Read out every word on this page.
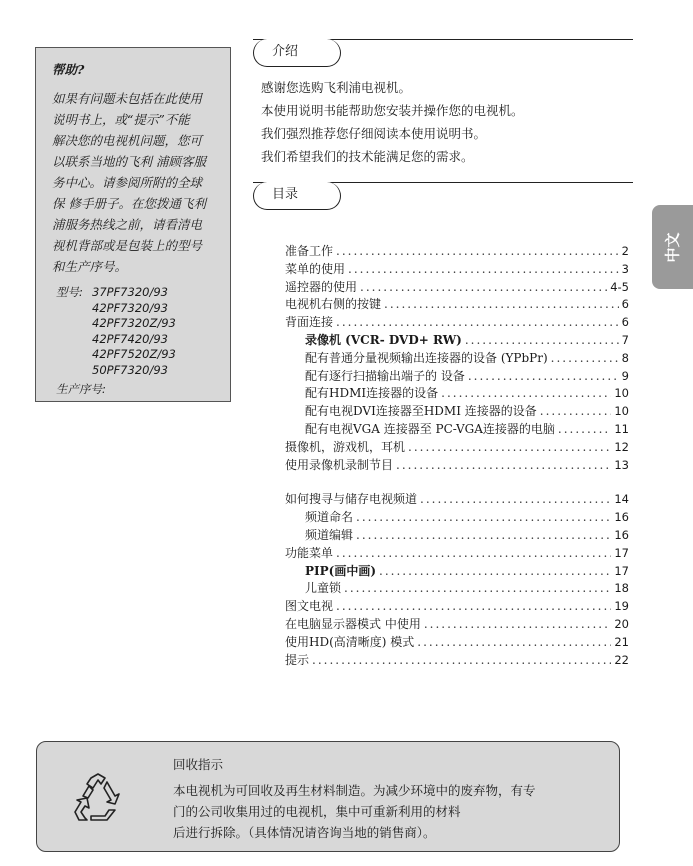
帮助?
如果有问题未包括在此使用
说明书上，或“提示”不能
解决您的电视机问题，您可
以联系当地的飞利 浦顾客服
务中心。请参阅所附的全球
保 修手册子。在您拨通飞利
浦服务热线之前，请看清电
视机背部或是包装上的型号
和生产序号。
型号: 37PF7320/93
42PF7320/93
42PF7320Z/93
42PF7420/93
42PF7520Z/93
50PF7320/93
生产序号:
介绍
感谢您选购飞利浦电视机。
本使用说明书能帮助您安装并操作您的电视机。
我们强烈推荐您仔细阅读本使用说明书。
我们希望我们的技术能满足您的需求。
目录
中文
准备工作 .....	2
菜单的使用 .....	3
遥控器的使用 .....	4-5
电视机右侧的按键 .....	6
背面连接 .....	6
录像机 (VCR- DVD+ RW) .....	7
配有普通分量视频输出连接器的设备 (YPbPr) .....	8
配有逐行扫描输出端子的 设备 .....	9
配有HDMI连接器的设备 .....	10
配有电视DVI连接器至HDMI 连接器的设备 .....	10
配有电视VGA 连接器至 PC-VGA连接器的电脑 .....	11
摄像机，游戏机，耳机 .....	12
使用录像机录制节目 .....	13
如何搜寻与储存电视频道 .....	14
频道命名 .....	16
频道编辑 .....	16
功能菜单 .....	17
PIP(画中画) .....	17
儿童锁 .....	18
图文电视 .....	19
在电脑显示器模式 中使用 .....	20
使用HD(高清晰度) 模式 .....	21
提示 .....	22
回收指示
本电视机为可回收及再生材料制造。为减少环境中的废弃物，有专
门的公司收集用过的电视机，集中可重新利用的材料
后进行拆除。（具体情况请咨询当地的销售商）。
